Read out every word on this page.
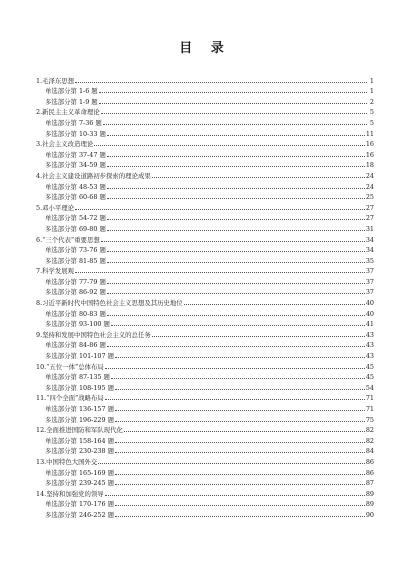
目 录
1.毛泽东思想	1
单选部分第 1-6 题	1
多选部分第 1-9 题	2
2.新民主主义革命理论	5
单选部分第 7-36 题	5
多选部分第 10-33 题	11
3.社会主义改造理论	16
单选部分第 37-47 题	16
多选部分第 34-59 题	18
4.社会主义建设道路初步探索的理论成果	24
单选部分第 48-53 题	24
多选部分第 60-68 题	25
5.邓小平理论	27
单选部分第 54-72 题	27
多选部分第 69-80 题	31
6.“三个代表”重要思想	34
单选部分第 73-76 题	34
多选部分第 81-85 题	35
7.科学发展观	37
单选部分第 77-79 题	37
多选部分第 86-92 题	37
8.习近平新时代中国特色社会主义思想及其历史地位	40
单选部分第 80-83 题	40
多选部分第 93-100 题	41
9.坚持和发展中国特色社会主义的总任务	43
单选部分第 84-86 题	43
多选部分第 101-107 题	43
10.“五位一体”总体布局	45
单选部分第 87-135 题	45
多选部分第 108-195 题	54
11.“四个全面”战略布局	71
单选部分第 136-157 题	71
多选部分第 196-229 题	75
12.全面推进国防和军队现代化	82
单选部分第 158-164 题	82
多选部分第 230-238 题	84
13.中国特色大国外交	86
单选部分第 165-169 题	86
多选部分第 239-245 题	87
14.坚持和加强党的领导	89
单选部分第 170-176 题	89
多选部分第 246-252 题	90
